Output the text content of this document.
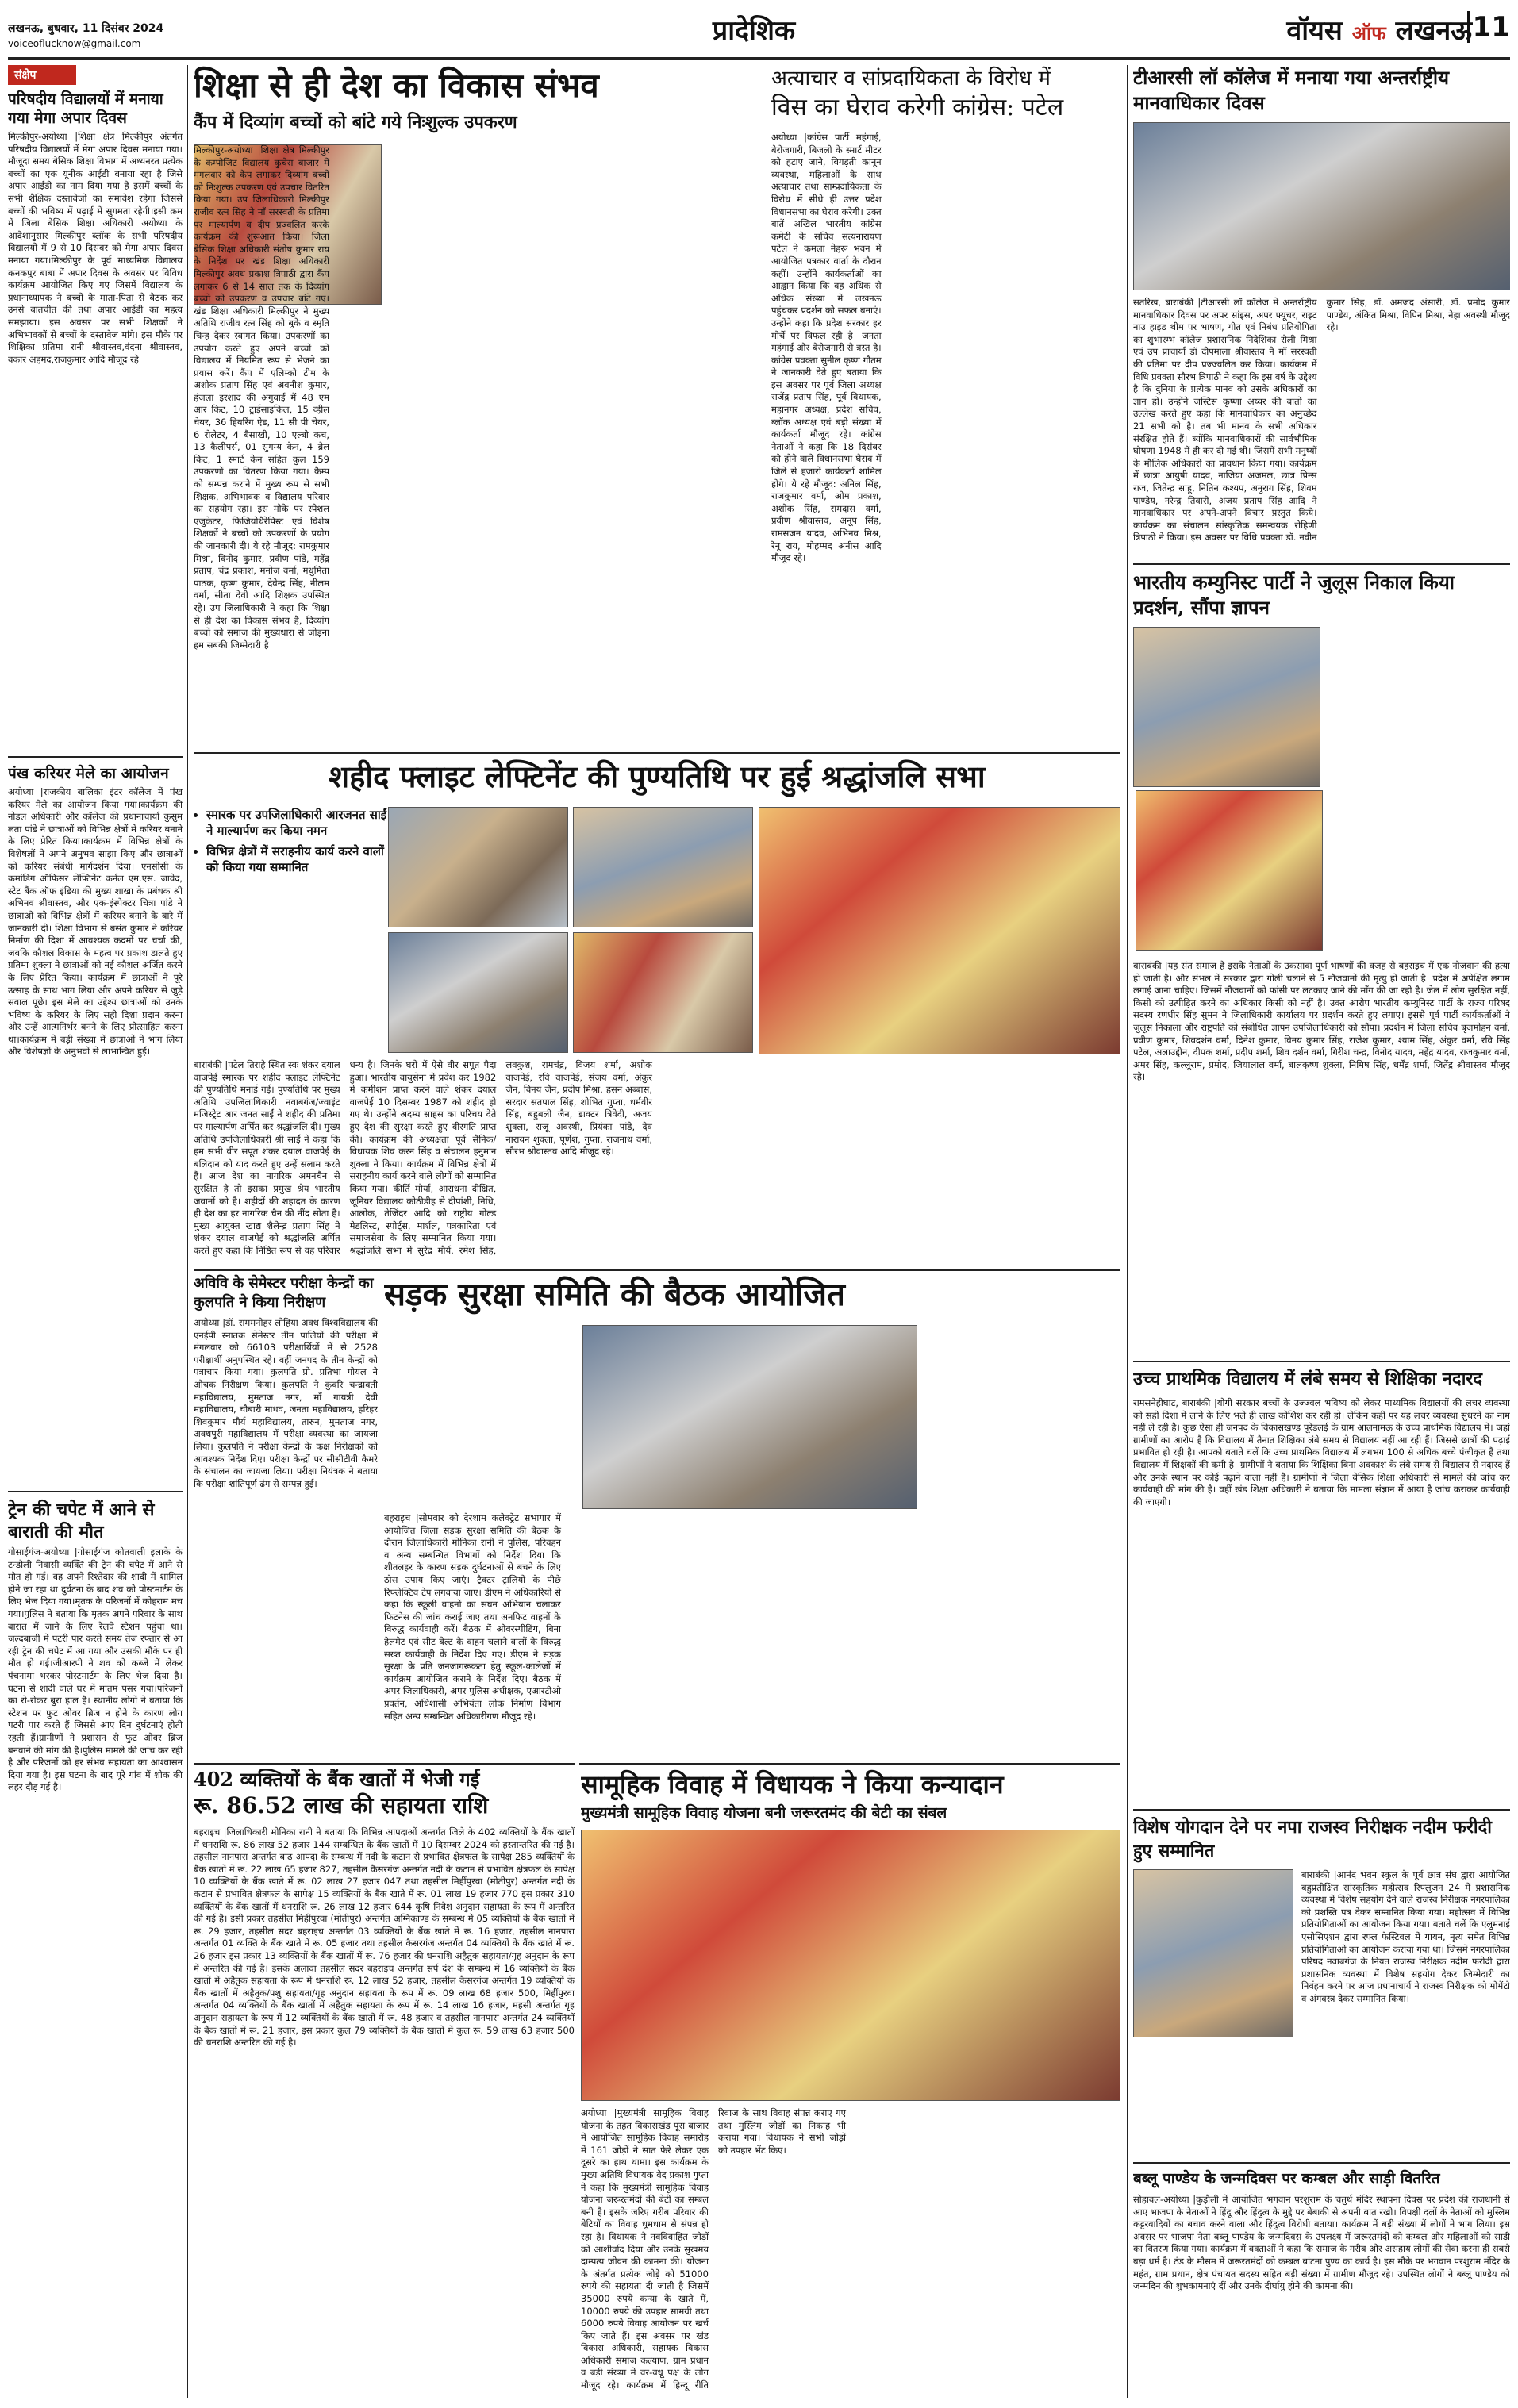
लखनऊ, बुधवार, 11 दिसंबर 2024
voiceoflucknow@gmail.com	प्रादेशिक	वॉयस ऑफ लखनऊ 11
संक्षेप
परिषदीय विद्यालयों में मनाया गया मेगा अपार दिवस
मिल्कीपुर-अयोध्या |शिक्षा क्षेत्र मिल्कीपुर अंतर्गत परिषदीय विद्यालयों में मेगा अपार दिवस मनाया गया।मौजूदा समय बेसिक शिक्षा विभाग में अध्यनरत प्रत्येक बच्चों का एक यूनीक आईडी बनाया रहा है जिसे अपार आईडी का नाम दिया गया है इसमें बच्चों के सभी शैक्षिक दस्तावेजों का समावेश रहेगा जिससे बच्चों की भविष्य में पढ़ाई में सुगमता रहेगी।इसी क्रम में जिला बेसिक शिक्षा अधिकारी अयोध्या के आदेशानुसार मिल्कीपुर ब्लॉक के सभी परिषदीय विद्यालयों में 9 से 10 दिसंबर को मेगा अपार दिवस मनाया गया।मिल्कीपुर के पूर्व माध्यमिक विद्यालय कनकपुर बाबा में अपार दिवस के अवसर पर विविध कार्यक्रम आयोजित किए गए जिसमें विद्यालय के प्रधानाध्यापक ने बच्चों के माता-पिता से बैठक कर उनसे बातचीत की तथा अपार आईडी का महत्व समझाया। इस अवसर पर सभी शिक्षकों ने अभिभावकों से बच्चों के दस्तावेज मांगे। इस मौके पर शिक्षिका प्रतिमा रानी श्रीवास्तव,वंदना श्रीवास्तव, वकार अहमद,राजकुमार आदि मौजूद रहे
पंख करियर मेले का आयोजन
अयोध्या |राजकीय बालिका इंटर कॉलेज में पंख करियर मेले का आयोजन किया गया।कार्यक्रम की नोडल अधिकारी और कॉलेज की प्रधानाचार्या कुसुम लता पांडे ने छात्राओं को विभिन्न क्षेत्रों में करियर बनाने के लिए प्रेरित किया।कार्यक्रम में विभिन्न क्षेत्रों के विशेषज्ञों ने अपने अनुभव साझा किए और छात्राओं को करियर संबंधी मार्गदर्शन दिया। एनसीसी के कमांडिंग ऑफिसर लेफ्टिनेंट कर्नल एम.एस. जावेद, स्टेट बैंक ऑफ इंडिया की मुख्य शाखा के प्रबंधक श्री अभिनव श्रीवास्तव, और एक-इंस्पेक्टर चित्रा पांडे ने छात्राओं को विभिन्न क्षेत्रों में करियर बनाने के बारे में जानकारी दी। शिक्षा विभाग से बसंत कुमार ने करियर निर्माण की दिशा में आवश्यक कदमों पर चर्चा की, जबकि कौशल विकास के महत्व पर प्रकाश डालते हुए प्रतिमा शुक्ला ने छात्राओं को नई कौशल अर्जित करने के लिए प्रेरित किया। कार्यक्रम में छात्राओं ने पूरे उत्साह के साथ भाग लिया और अपने करियर से जुड़े सवाल पूछे। इस मेले का उद्देश्य छात्राओं को उनके भविष्य के करियर के लिए सही दिशा प्रदान करना और उन्हें आत्मनिर्भर बनने के लिए प्रोत्साहित करना था।कार्यक्रम में बड़ी संख्या में छात्राओं ने भाग लिया और विशेषज्ञों के अनुभवों से लाभान्वित हुईं।
ट्रेन की चपेट में आने से बाराती की मौत
गोसाईगंज-अयोध्या |गोसाईगंज कोतवाली इलाके के टन्डौली निवासी व्यक्ति की ट्रेन की चपेट में आने से मौत हो गई। वह अपने रिश्तेदार की शादी में शामिल होने जा रहा था।दुर्घटना के बाद शव को पोस्टमार्टम के लिए भेज दिया गया।मृतक के परिजनों में कोहराम मच गया।पुलिस ने बताया कि मृतक अपने परिवार के साथ बारात में जाने के लिए रेलवे स्टेशन पहुंचा था।जल्दबाजी में पटरी पार करते समय तेज रफ्तार से आ रही ट्रेन की चपेट में आ गया और उसकी मौके पर ही मौत हो गई।जीआरपी ने शव को कब्जे में लेकर पंचनामा भरकर पोस्टमार्टम के लिए भेज दिया है।घटना से शादी वाले घर में मातम पसर गया।परिजनों का रो-रोकर बुरा हाल है। स्थानीय लोगों ने बताया कि स्टेशन पर फुट ओवर ब्रिज न होने के कारण लोग पटरी पार करते हैं जिससे आए दिन दुर्घटनाएं होती रहती हैं।ग्रामीणों ने प्रशासन से फुट ओवर ब्रिज बनवाने की मांग की है।पुलिस मामले की जांच कर रही है और परिजनों को हर संभव सहायता का आश्वासन दिया गया है। इस घटना के बाद पूरे गांव में शोक की लहर दौड़ गई है।
शिक्षा से ही देश का विकास संभव
कैंप में दिव्यांग बच्चों को बांटे गये निःशुल्क उपकरण
मिल्कीपुर-अयोध्या |शिक्षा क्षेत्र मिल्कीपुर के कम्पोजिट विद्यालय कुचेरा बाजार में मंगलवार को कैंप लगाकर दिव्यांग बच्चों को निःशुल्क उपकरण एवं उपचार वितरित किया गया। उप जिलाधिकारी मिल्कीपुर राजीव रत्न सिंह ने माँ सरस्वती के प्रतिमा पर माल्यार्पण व दीप प्रज्वलित करके कार्यक्रम की शुरूआत किया। जिला बेसिक शिक्षा अधिकारी संतोष कुमार राय के निर्देश पर खंड शिक्षा अधिकारी मिल्कीपुर अवध प्रकाश त्रिपाठी द्वारा कैंप लगाकर 6 से 14 साल तक के दिव्यांग बच्चों को उपकरण व उपचार बांटे गए। खंड शिक्षा अधिकारी मिल्कीपुर ने मुख्य अतिथि राजीव रत्न सिंह को बुके व स्मृति चिन्ह देकर स्वागत किया। उपकरणों का उपयोग करते हुए अपने बच्चों को विद्यालय में नियमित रूप से भेजने का प्रयास करें। कैंप में एलिम्को टीम के अशोक प्रताप सिंह एवं अवनीश कुमार, हंजला इरशाद की अगुवाई में 48 एम आर किट, 10 ट्राईसाइकिल, 15 व्हील चेयर, 36 हियरिंग ऐड, 11 सी पी चेयर, 6 रोलेटर, 4 बैसाखी, 10 एल्बो कच, 13 कैलीपर्स, 01 सुगम्य केन, 4 ब्रेल किट, 1 स्मार्ट केन सहित कुल 159 उपकरणों का वितरण किया गया। कैम्प को सम्पन्न कराने में मुख्य रूप से सभी शिक्षक, अभिभावक व विद्यालय परिवार का सहयोग रहा। इस मौके पर स्पेशल एजुकेटर, फिजियोथैरेपिस्ट एवं विशेष शिक्षकों ने बच्चों को उपकरणों के प्रयोग की जानकारी दी। ये रहे मौजूद: रामकुमार मिश्रा, विनोद कुमार, प्रवीण पांडे, महेंद्र प्रताप, चंद्र प्रकाश, मनोज वर्मा, मधुमिता पाठक, कृष्ण कुमार, देवेन्द्र सिंह, नीलम वर्मा, सीता देवी आदि शिक्षक उपस्थित रहे। उप जिलाधिकारी ने कहा कि शिक्षा से ही देश का विकास संभव है, दिव्यांग बच्चों को समाज की मुख्यधारा से जोड़ना हम सबकी जिम्मेदारी है।
अत्याचार व सांप्रदायिकता के विरोध में
विस का घेराव करेगी कांग्रेस: पटेल
अयोध्या |कांग्रेस पार्टी महंगाई, बेरोजगारी, बिजली के स्मार्ट मीटर को हटाए जाने, बिगड़ती कानून व्यवस्था, महिलाओं के साथ अत्याचार तथा साम्प्रदायिकता के विरोध में सीधे ही उत्तर प्रदेश विधानसभा का घेराव करेगी। उक्त बातें अखिल भारतीय कांग्रेस कमेटी के सचिव सत्यनारायण पटेल ने कमला नेहरू भवन में आयोजित पत्रकार वार्ता के दौरान कहीं। उन्होंने कार्यकर्ताओं का आह्वान किया कि वह अधिक से अधिक संख्या में लखनऊ पहुंचकर प्रदर्शन को सफल बनाएं। उन्होंने कहा कि प्रदेश सरकार हर मोर्चे पर विफल रही है। जनता महंगाई और बेरोजगारी से त्रस्त है। कांग्रेस प्रवक्ता सुनील कृष्ण गौतम ने जानकारी देते हुए बताया कि इस अवसर पर पूर्व जिला अध्यक्ष राजेंद्र प्रताप सिंह, पूर्व विधायक, महानगर अध्यक्ष, प्रदेश सचिव, ब्लॉक अध्यक्ष एवं बड़ी संख्या में कार्यकर्ता मौजूद रहे। कांग्रेस नेताओं ने कहा कि 18 दिसंबर को होने वाले विधानसभा घेराव में जिले से हजारों कार्यकर्ता शामिल होंगे। ये रहे मौजूद: अनिल सिंह, राजकुमार वर्मा, ओम प्रकाश, अशोक सिंह, रामदास वर्मा, प्रवीण श्रीवास्तव, अनूप सिंह, रामसजन यादव, अभिनव मिश्र, रेनू राय, मोहम्मद अनीस आदि मौजूद रहे।
टीआरसी लॉ कॉलेज में मनाया गया अन्तर्राष्ट्रीय मानवाधिकार दिवस
सतरिख, बाराबंकी |टीआरसी लॉ कॉलेज में अन्तर्राष्ट्रीय मानवाधिकार दिवस पर अपर सांइस, अपर फ्यूचर, राइट नाउ हाइड थीम पर भाषण, गीत एवं निबंध प्रतियोगिता का शुभारम्भ कॉलेज प्रशासनिक निदेशिका रोली मिश्रा एवं उप प्राचार्या डॉ दीपमाला श्रीवास्तव ने माँ सरस्वती की प्रतिमा पर दीप प्रज्ज्वलित कर किया। कार्यक्रम में विधि प्रवक्ता सौरभ त्रिपाठी ने कहा कि इस वर्ष के उद्देश्य है कि दुनिया के प्रत्येक मानव को उसके अधिकारों का ज्ञान हो। उन्होंने जस्टिस कृष्णा अय्यर की बातों का उल्लेख करते हुए कहा कि मानवाधिकार का अनुच्छेद 21 सभी को है। तब भी मानव के सभी अधिकार संरक्षित होते हैं। ब्योंकि मानवाधिकारों की सार्वभौमिक घोषणा 1948 में ही कर दी गई थी। जिसमें सभी मनुष्यों के मौलिक अधिकारों का प्रावधान किया गया। कार्यक्रम में छात्रा आयुषी यादव, नाजिया अजमल, छात्र प्रिन्स राज, जितेन्द्र साहू, नितिन कश्यप, अनुराग सिंह, शिवम पाण्डेय, नरेन्द्र तिवारी, अजय प्रताप सिंह आदि ने मानवाधिकार पर अपने-अपने विचार प्रस्तुत किये। कार्यक्रम का संचालन सांस्कृतिक समन्वयक रोहिणी त्रिपाठी ने किया। इस अवसर पर विधि प्रवक्ता डॉ. नवीन कुमार सिंह, डॉ. अमजद अंसारी, डॉ. प्रमोद कुमार पाण्डेय, अंकित मिश्रा, विपिन मिश्रा, नेहा अवस्थी मौजूद रहे।
भारतीय कम्युनिस्ट पार्टी ने जुलूस निकाल किया प्रदर्शन, सौंपा ज्ञापन

बाराबंकी |यह संत समाज है इसके नेताओं के उकसावा पूर्ण भाषणों की वजह से बहराइच में एक नौजवान की हत्या हो जाती है। और संभल में सरकार द्वारा गोली चलाने से 5 नौजवानों की मृत्यु हो जाती है। प्रदेश में अपेक्षित लगाम लगाई जाना चाहिए। जिसमें नौजवानों को फांसी पर लटकाए जाने की माँग की जा रही है। जेल में लोग सुरक्षित नहीं, किसी को उत्पीड़ित करने का अधिकार किसी को नहीं है। उक्त आरोप भारतीय कम्युनिस्ट पार्टी के राज्य परिषद सदस्य रणधीर सिंह सुमन ने जिलाधिकारी कार्यालय पर प्रदर्शन करते हुए लगाए। इससे पूर्व पार्टी कार्यकर्ताओं ने जुलूस निकाला और राष्ट्रपति को संबोधित ज्ञापन उपजिलाधिकारी को सौंपा। प्रदर्शन में जिला सचिव बृजमोहन वर्मा, प्रवीण कुमार, शिवदर्शन वर्मा, दिनेश कुमार, विनय कुमार सिंह, राजेश कुमार, श्याम सिंह, अंकुर वर्मा, रवि सिंह पटेल, अलाउद्दीन, दीपक शर्मा, प्रदीप शर्मा, शिव दर्शन वर्मा, गिरीश चन्द्र, विनोद यादव, महेंद्र यादव, राजकुमार वर्मा, अमर सिंह, कल्लूराम, प्रमोद, जियालाल वर्मा, बालकृष्ण शुक्ला, निमिष सिंह, धर्मेंद्र शर्मा, जितेंद्र श्रीवास्तव मौजूद रहे।
शहीद फ्लाइट लेफ्टिनेंट की पुण्यतिथि पर हुई श्रद्धांजलि सभा
• स्मारक पर उपजिलाधिकारी आरजनत साईं ने माल्यार्पण कर किया नमन
• विभिन्न क्षेत्रों में सराहनीय कार्य करने वालों को किया गया सम्मानित
बाराबंकी |पटेल तिराहे स्थित स्वः शंकर दयाल वाजपेई स्मारक पर शहीद फ्लाइट लेफ्टिनेंट की पुण्यतिथि मनाई गई। पुण्यतिथि पर मुख्य अतिथि उपजिलाधिकारी नवाबगंज/ज्वाइंट मजिस्ट्रेट आर जनत साईं ने शहीद की प्रतिमा पर माल्यार्पण अर्पित कर श्रद्धांजलि दी। मुख्य अतिथि उपजिलाधिकारी श्री साईं ने कहा कि हम सभी वीर सपूत शंकर दयाल वाजपेई के बलिदान को याद करते हुए उन्हें सलाम करते हैं। आज देश का नागरिक अमनचैन से सुरक्षित है तो इसका प्रमुख श्रेय भारतीय जवानों को है। शहीदों की शहादत के कारण ही देश का हर नागरिक चैन की नींद सोता है। मुख्य आयुक्त खाद्य शैलेन्द्र प्रताप सिंह ने शंकर दयाल वाजपेई को श्रद्धांजलि अर्पित करते हुए कहा कि निष्ठित रूप से वह परिवार धन्य है। जिनके घरों में ऐसे वीर सपूत पैदा हुआ। भारतीय वायुसेना में प्रवेश कर 1982 में कमीशन प्राप्त करने वाले शंकर दयाल वाजपेई 10 दिसम्बर 1987 को शहीद हो गए थे। उन्होंने अदम्य साहस का परिचय देते हुए देश की सुरक्षा करते हुए वीरगति प्राप्त की। कार्यक्रम की अध्यक्षता पूर्व सैनिक/विधायक शिव करन सिंह व संचालन हनुमान शुक्ला ने किया। कार्यक्रम में विभिन्न क्षेत्रों में सराहनीय कार्य करने वाले लोगों को सम्मानित किया गया। कीर्ति मौर्या, आराधना दीक्षित, जूनियर विद्यालय कोठीडीह से दीपांशी, निधि, आलोक, तेजिंदर आदि को राष्ट्रीय गोल्ड मेडलिस्ट, स्पोर्ट्स, मार्शल, पत्रकारिता एवं समाजसेवा के लिए सम्मानित किया गया। श्रद्धांजलि सभा में सुरेंद्र मौर्य, रमेश सिंह, लवकुश, रामचंद्र, विजय शर्मा, अशोक वाजपेई, रवि वाजपेई, संजय वर्मा, अंकुर जैन, विनय जैन, प्रदीप मिश्रा, हसन अब्बास, सरदार सतपाल सिंह, शोभित गुप्ता, धर्मवीर सिंह, बहुबली जैन, डाक्टर त्रिवेदी, अजय शुक्ला, राजू अवस्थी, प्रियंका पांडे, देव नारायन शुक्ला, पूर्णेश, गुप्ता, राजनाथ वर्मा, सौरभ श्रीवास्तव आदि मौजूद रहे।
अविवि के सेमेस्टर परीक्षा केन्द्रों का कुलपति ने किया निरीक्षण
अयोध्या |डॉ. राममनोहर लोहिया अवध विश्वविद्यालय की एनईपी स्नातक सेमेस्टर तीन पालियों की परीक्षा में मंगलवार को 66103 परीक्षार्थियों में से 2528 परीक्षार्थी अनुपस्थित रहे। वहीं जनपद के तीन केन्द्रों को पत्राचार किया गया। कुलपति प्रो. प्रतिभा गोयल ने औचक निरीक्षण किया। कुलपति ने कुवरि चन्द्रावती महाविद्यालय, मुमताज नगर, माँ गायत्री देवी महाविद्यालय, चौबारी माधव, जनता महाविद्यालय, हरिहर शिवकुमार मौर्य महाविद्यालय, तारुन, मुमताज नगर, अवधपुरी महाविद्यालय में परीक्षा व्यवस्था का जायजा लिया। कुलपति ने परीक्षा केन्द्रों के कक्ष निरीक्षकों को आवश्यक निर्देश दिए। परीक्षा केन्द्रों पर सीसीटीवी कैमरे के संचालन का जायजा लिया। परीक्षा नियंत्रक ने बताया कि परीक्षा शांतिपूर्ण ढंग से सम्पन्न हुई।
सड़क सुरक्षा समिति की बैठक आयोजित
बहराइच |सोमवार को देरशाम कलेक्ट्रेट सभागार में आयोजित जिला सड़क सुरक्षा समिति की बैठक के दौरान जिलाधिकारी मोनिका रानी ने पुलिस, परिवहन व अन्य सम्बन्धित विभागों को निर्देश दिया कि शीतलहर के कारण सड़क दुर्घटनाओं से बचने के लिए ठोस उपाय किए जाएं। ट्रैक्टर ट्रालियों के पीछे रिफ्लेक्टिव टेप लगवाया जाए। डीएम ने अधिकारियों से कहा कि स्कूली वाहनों का सघन अभियान चलाकर फिटनेस की जांच कराई जाए तथा अनफिट वाहनों के विरुद्ध कार्यवाही करें। बैठक में ओवरस्पीडिंग, बिना हेलमेट एवं सीट बेल्ट के वाहन चलाने वालों के विरुद्ध सख्त कार्यवाही के निर्देश दिए गए। डीएम ने सड़क सुरक्षा के प्रति जनजागरूकता हेतु स्कूल-कालेजों में कार्यक्रम आयोजित कराने के निर्देश दिए। बैठक में अपर जिलाधिकारी, अपर पुलिस अधीक्षक, एआरटीओ प्रवर्तन, अधिशासी अभियंता लोक निर्माण विभाग सहित अन्य सम्बन्धित अधिकारीगण मौजूद रहे।
उच्च प्राथमिक विद्यालय में लंबे समय से शिक्षिका नदारद
रामसनेहीघाट, बाराबंकी |योगी सरकार बच्चों के उज्ज्वल भविष्य को लेकर माध्यमिक विद्यालयों की लचर व्यवस्था को सही दिशा में लाने के लिए भले ही लाख कोशिश कर रही हो। लेकिन कहीं पर यह लचर व्यवस्था सुधरने का नाम नहीं ले रही है। कुछ ऐसा ही जनपद के विकासखण्ड पूरेडलई के ग्राम आलनामऊ के उच्च प्राथमिक विद्यालय में। जहां ग्रामीणों का आरोप है कि विद्यालय में तैनात शिक्षिका लंबे समय से विद्यालय नहीं आ रही हैं। जिससे छात्रों की पढ़ाई प्रभावित हो रही है। आपको बताते चलें कि उच्च प्राथमिक विद्यालय में लगभग 100 से अधिक बच्चे पंजीकृत हैं तथा विद्यालय में शिक्षकों की कमी है। ग्रामीणों ने बताया कि शिक्षिका बिना अवकाश के लंबे समय से विद्यालय से नदारद हैं और उनके स्थान पर कोई पढ़ाने वाला नहीं है। ग्रामीणों ने जिला बेसिक शिक्षा अधिकारी से मामले की जांच कर कार्यवाही की मांग की है। वहीं खंड शिक्षा अधिकारी ने बताया कि मामला संज्ञान में आया है जांच कराकर कार्यवाही की जाएगी।
विशेष योगदान देने पर नपा राजस्व निरीक्षक नदीम फरीदी हुए सम्मानित
बाराबंकी |आनंद भवन स्कूल के पूर्व छात्र संघ द्वारा आयोजित बहुप्रतीक्षित सांस्कृतिक महोत्सव रिफ्लुजन 24 में प्रशासनिक व्यवस्था में विशेष सहयोग देने वाले राजस्व निरीक्षक नगरपालिका को प्रशस्ति पत्र देकर सम्मानित किया गया। महोत्सव में विभिन्न प्रतियोगिताओं का आयोजन किया गया। बताते चलें कि एलुमनाई एसोसिएशन द्वारा रफ्ल फेस्टिवल में गायन, नृत्य समेत विभिन्न प्रतियोगिताओं का आयोजन कराया गया था। जिसमें नगरपालिका परिषद नवाबगंज के नियत राजस्व निरीक्षक नदीम फरीदी द्वारा प्रशासनिक व्यवस्था में विशेष सहयोग देकर जिम्मेदारी का निर्वहन करने पर आज प्रधानाचार्य ने राजस्व निरीक्षक को मोमेंटो व अंगवस्त्र देकर सम्मानित किया।
402 व्यक्तियों के बैंक खातों में भेजी गई
रू. 86.52 लाख की सहायता राशि
बहराइच |जिलाधिकारी मोनिका रानी ने बताया कि विभिन्न आपदाओं अन्तर्गत जिले के 402 व्यक्तियों के बैंक खातों में धनराशि रू. 86 लाख 52 हजार 144 सम्बन्धित के बैंक खातों में 10 दिसम्बर 2024 को हस्तान्तरित की गई है। तहसील नानपारा अन्तर्गत बाढ़ आपदा के सम्बन्ध में नदी के कटान से प्रभावित क्षेत्रफल के सापेक्ष 285 व्यक्तियों के बैंक खातों में रू. 22 लाख 65 हजार 827, तहसील कैसरगंज अन्तर्गत नदी के कटान से प्रभावित क्षेत्रफल के सापेक्ष 10 व्यक्तियों के बैंक खाते में रू. 02 लाख 27 हजार 047 तथा तहसील मिहींपुरवा (मोतीपुर) अन्तर्गत नदी के कटान से प्रभावित क्षेत्रफल के सापेक्ष 15 व्यक्तियों के बैंक खाते में रू. 01 लाख 19 हजार 770 इस प्रकार 310 व्यक्तियों के बैंक खातों में धनराशि रू. 26 लाख 12 हजार 644 कृषि निवेश अनुदान सहायता के रूप में अन्तरित की गई है। इसी प्रकार तहसील मिहींपुरवा (मोतीपुर) अन्तर्गत अग्निकाण्ड के सम्बन्ध में 05 व्यक्तियों के बैंक खातों में रू. 29 हजार, तहसील सदर बहराइच अन्तर्गत 03 व्यक्तियों के बैंक खाते में रू. 16 हजार, तहसील नानपारा अन्तर्गत 01 व्यक्ति के बैंक खाते में रू. 05 हजार तथा तहसील कैसरगंज अन्तर्गत 04 व्यक्तियों के बैंक खाते में रू. 26 हजार इस प्रकार 13 व्यक्तियों के बैंक खातों में रू. 76 हजार की धनराशि अहैतुक सहायता/गृह अनुदान के रूप में अन्तरित की गई है। इसके अलावा तहसील सदर बहराइच अन्तर्गत सर्प दंश के सम्बन्ध में 16 व्यक्तियों के बैंक खातों में अहैतुक सहायता के रूप में धनराशि रू. 12 लाख 52 हजार, तहसील कैसरगंज अन्तर्गत 19 व्यक्तियों के बैंक खातों में अहैतुक/पशु सहायता/गृह अनुदान सहायता के रूप में रू. 09 लाख 68 हजार 500, मिहींपुरवा अन्तर्गत 04 व्यक्तियों के बैंक खातों में अहैतुक सहायता के रूप में रू. 14 लाख 16 हजार, महसी अन्तर्गत गृह अनुदान सहायता के रूप में 12 व्यक्तियों के बैंक खातों में रू. 48 हजार व तहसील नानपारा अन्तर्गत 24 व्यक्तियों के बैंक खातों में रू. 21 हजार, इस प्रकार कुल 79 व्यक्तियों के बैंक खातों में कुल रू. 59 लाख 63 हजार 500 की धनराशि अन्तरित की गई है।
सामूहिक विवाह में विधायक ने किया कन्यादान
मुख्यमंत्री सामूहिक विवाह योजना बनी जरूरतमंद की बेटी का संबल
अयोध्या |मुख्यमंत्री सामूहिक विवाह योजना के तहत विकासखंड पूरा बाजार में आयोजित सामूहिक विवाह समारोह में 161 जोड़ों ने सात फेरे लेकर एक दूसरे का हाथ थामा। इस कार्यक्रम के मुख्य अतिथि विधायक वेद प्रकाश गुप्ता ने कहा कि मुख्यमंत्री सामूहिक विवाह योजना जरूरतमंदों की बेटी का सम्बल बनी है। इसके जरिए गरीब परिवार की बेटियों का विवाह धूमधाम से संपन्न हो रहा है। विधायक ने नवविवाहित जोड़ों को आशीर्वाद दिया और उनके सुखमय दाम्पत्य जीवन की कामना की। योजना के अंतर्गत प्रत्येक जोड़े को 51000 रुपये की सहायता दी जाती है जिसमें 35000 रुपये कन्या के खाते में, 10000 रुपये की उपहार सामग्री तथा 6000 रुपये विवाह आयोजन पर खर्च किए जाते हैं। इस अवसर पर खंड विकास अधिकारी, सहायक विकास अधिकारी समाज कल्याण, ग्राम प्रधान व बड़ी संख्या में वर-वधू पक्ष के लोग मौजूद रहे। कार्यक्रम में हिन्दू रीति रिवाज के साथ विवाह संपन्न कराए गए तथा मुस्लिम जोड़ों का निकाह भी कराया गया। विधायक ने सभी जोड़ों को उपहार भेंट किए।
बब्लू पाण्डेय के जन्मदिवस पर कम्बल और साड़ी वितरित
सोहावल-अयोध्या |कुड़ौली में आयोजित भगवान परशुराम के चतुर्थ मंदिर स्थापना दिवस पर प्रदेश की राजधानी से आए भाजपा के नेताओं ने हिंदू और हिंदुत्व के मुद्दे पर बेबाकी से अपनी बात रखी। विपक्षी दलों के नेताओं को मुस्लिम कट्टरवादियों का बचाव करने वाला और हिंदुत्व विरोधी बताया। कार्यक्रम में बड़ी संख्या में लोगों ने भाग लिया। इस अवसर पर भाजपा नेता बब्लू पाण्डेय के जन्मदिवस के उपलक्ष्य में जरूरतमंदों को कम्बल और महिलाओं को साड़ी का वितरण किया गया। कार्यक्रम में वक्ताओं ने कहा कि समाज के गरीब और असहाय लोगों की सेवा करना ही सबसे बड़ा धर्म है। ठंड के मौसम में जरूरतमंदों को कम्बल बांटना पुण्य का कार्य है। इस मौके पर भगवान परशुराम मंदिर के महंत, ग्राम प्रधान, क्षेत्र पंचायत सदस्य सहित बड़ी संख्या में ग्रामीण मौजूद रहे। उपस्थित लोगों ने बब्लू पाण्डेय को जन्मदिन की शुभकामनाएं दीं और उनके दीर्घायु होने की कामना की।
